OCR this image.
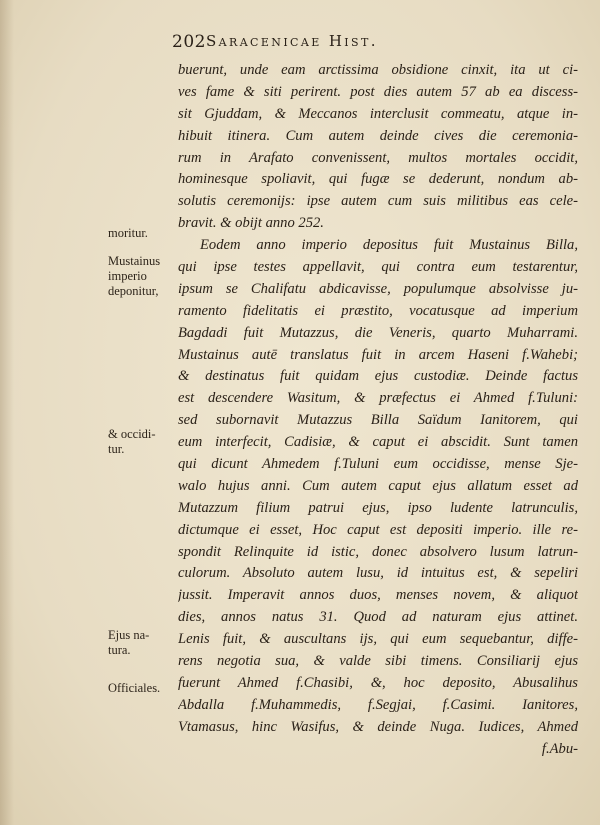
202 Saracenicae Hist.
buerunt, unde eam arctissima obsidione cinxit, ita ut ci-
ves fame & siti perirent. post dies autem 57 ab ea discess-
sit Gjuddam, & Meccanos interclusit commeatu, atque in-
hibuit itinera. Cum autem deinde cives die ceremonia-
rum in Arafato convenissent, multos mortales occidit,
hominesque spoliavit, qui fugæ se dederunt, nondum ab-
solutis ceremonijs: ipse autem cum suis militibus eas cele-
bravit. & obijt anno 252.
Eodem anno imperio depositus fuit Mustainus Billa,
qui ipse testes appellavit, qui contra eum testarentur,
ipsum se Chalifatu abdicavisse, populumque absolvisse ju-
ramento fidelitatis ei præstito, vocatusque ad imperium
Bagdadi fuit Mutazzus, die Veneris, quarto Muharrami.
Mustainus autē translatus fuit in arcem Haseni f.Wahebi;
& destinatus fuit quidam ejus custodiæ. Deinde factus
est descendere Wasitum, & præfectus ei Ahmed f.Tuluni:
sed subornavit Mutazzus Billa Saïdum Ianitorem, qui
eum interfecit, Cadisiæ, & caput ei abscidit. Sunt tamen
qui dicunt Ahmedem f.Tuluni eum occidisse, mense Sje-
walo hujus anni. Cum autem caput ejus allatum esset ad
Mutazzum filium patrui ejus, ipso ludente latrunculis,
dictumque ei esset, Hoc caput est depositi imperio. ille re-
spondit Relinquite id istic, donec absolvero lusum latrun-
culorum. Absoluto autem lusu, id intuitus est, & sepeliri
jussit. Imperavit annos duos, menses novem, & aliquot
dies, annos natus 31. Quod ad naturam ejus attinet.
Lenis fuit, & auscultans ijs, qui eum sequebantur, diffe-
rens negotia sua, & valde sibi timens. Consiliarij ejus
fuerunt Ahmed f.Chasibi, &, hoc deposito, Abusalihus
Abdalla f.Muhammedis, f.Segjai, f.Casimi. Ianitores,
Vtamasus, hinc Wasifus, & deinde Nuga. Iudices, Ahmed
f.Abu-
moritur.
Mustainus
imperio
deponitur,
& occidi-
tur.
Ejus na-
tura.
Officiales.
